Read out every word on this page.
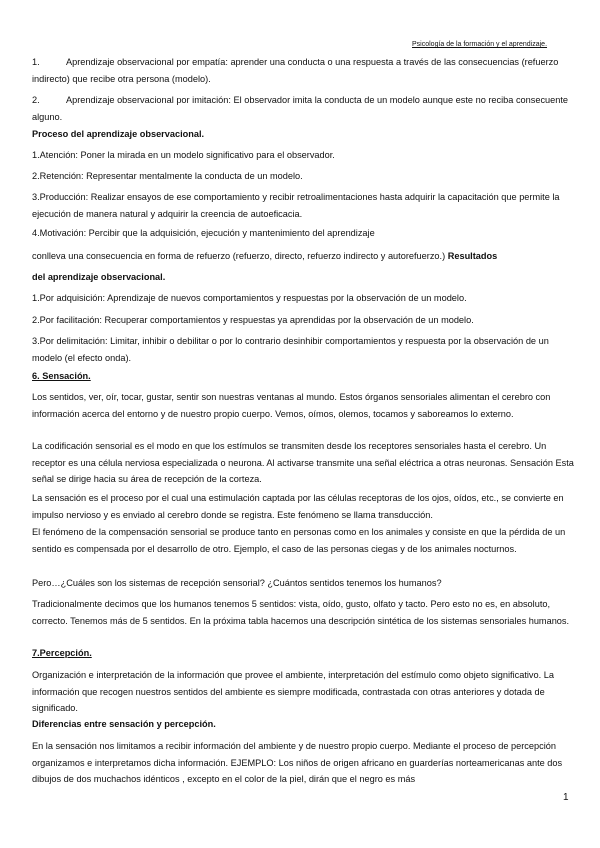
Psicología de la formación y el aprendizaje.

1.	Aprendizaje observacional por empatía: aprender una conducta o una respuesta a través de las consecuencias (refuerzo indirecto) que recibe otra persona (modelo).

2.	Aprendizaje observacional por imitación: El observador imita la conducta de un modelo aunque este no reciba consecuente alguno.

Proceso del aprendizaje observacional.

1.Atención: Poner la mirada en un modelo significativo para el observador.

2.Retención: Representar mentalmente la conducta de un modelo.

3.Producción: Realizar ensayos de ese comportamiento y recibir retroalimentaciones hasta adquirir la capacitación que permite la ejecución de manera natural y adquirir la creencia de autoeficacia.

4.Motivación: Percibir que la adquisición, ejecución y mantenimiento del aprendizaje

conlleva una consecuencia en forma de refuerzo (refuerzo, directo, refuerzo indirecto y autorefuerzo.) Resultados

del aprendizaje observacional.

1.Por adquisición: Aprendizaje de nuevos comportamientos y respuestas por la observación de un modelo.

2.Por facilitación: Recuperar comportamientos y respuestas ya aprendidas por la observación de un modelo.

3.Por delimitación: Limitar, inhibir o debilitar o por lo contrario desinhibir comportamientos y respuesta por la observación de un modelo (el efecto onda).

6. Sensación.

Los sentidos, ver, oír, tocar, gustar, sentir son nuestras ventanas al mundo. Estos órganos sensoriales alimentan el cerebro con información acerca del entorno y de nuestro propio cuerpo. Vemos, oímos, olemos, tocamos y saboreamos lo externo.

La codificación sensorial es el modo en que los estímulos se transmiten desde los receptores sensoriales hasta el cerebro. Un receptor es una célula nerviosa especializada o neurona. Al activarse transmite una señal eléctrica a otras neuronas. Sensación Esta señal se dirige hacia su área de recepción de la corteza.

La sensación es el proceso por el cual una estimulación captada por las células receptoras de los ojos, oídos, etc., se convierte en impulso nervioso y es enviado al cerebro donde se registra. Este fenómeno se llama transducción.

El fenómeno de la compensación sensorial se produce tanto en personas como en los animales y consiste en que la pérdida de un sentido es compensada por el desarrollo de otro. Ejemplo, el caso de las personas ciegas y de los animales nocturnos.

Pero…¿Cuáles son los sistemas de recepción sensorial? ¿Cuántos sentidos tenemos los humanos?

Tradicionalmente decimos que los humanos tenemos 5 sentidos: vista, oído, gusto, olfato y tacto. Pero esto no es, en absoluto, correcto. Tenemos más de 5 sentidos. En la próxima tabla hacemos una descripción sintética de los sistemas sensoriales humanos.

7.Percepción.

Organización e interpretación de la información que provee el ambiente, interpretación del estímulo como objeto significativo. La información que recogen nuestros sentidos del ambiente es siempre modificada, contrastada con otras anteriores y dotada de significado.

Diferencias entre sensación y percepción.

En la sensación nos limitamos a recibir información del ambiente y de nuestro propio cuerpo. Mediante el proceso de percepción organizamos e interpretamos dicha información. EJEMPLO: Los niños de origen africano en guarderías norteamericanas ante dos dibujos de dos muchachos idénticos , excepto en el color de la piel, dirán que el negro es más

1
